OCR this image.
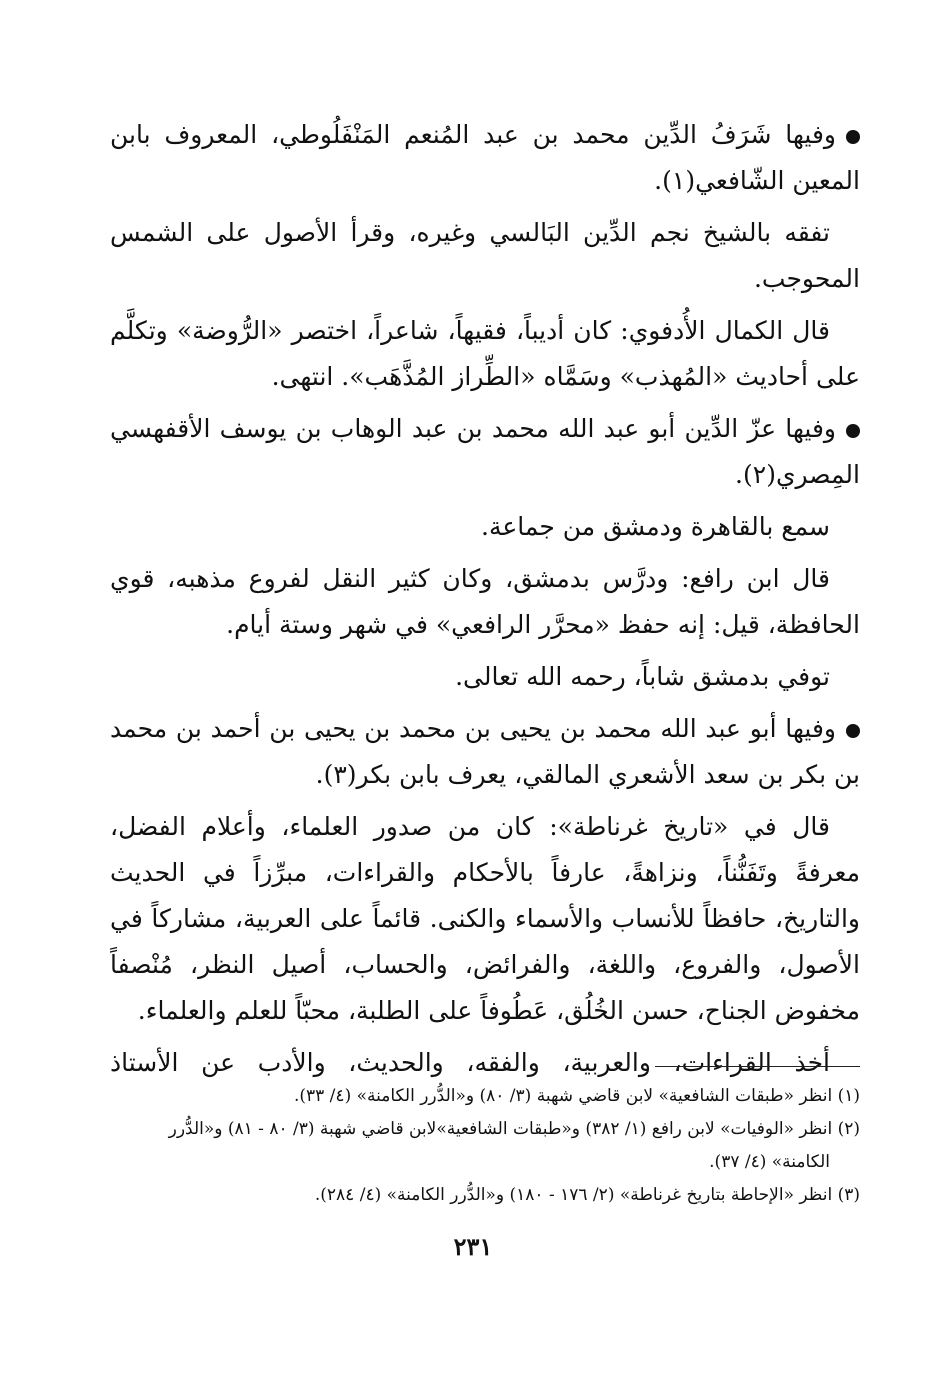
وفيها شَرَفُ الدِّين محمد بن عبد المُنعم المَنْفَلُوطي، المعروف بابن المعين الشّافعي(١).

تفقه بالشيخ نجم الدِّين البَالسي وغيره، وقرأ الأصول على الشمس المحوجب.

قال الكمال الأُدفوي: كان أديباً، فقيهاً، شاعراً، اختصر «الرُّوضة» وتكلَّم على أحاديث «المُهذب» وسَمَّاه «الطِّراز المُذَّهَب». انتهى.

وفيها عزّ الدِّين أبو عبد الله محمد بن عبد الوهاب بن يوسف الأقفهسي المِصري(٢).

سمع بالقاهرة ودمشق من جماعة.

قال ابن رافع: ودرَّس بدمشق، وكان كثير النقل لفروع مذهبه، قوي الحافظة، قيل: إنه حفظ «محرَّر الرافعي» في شهر وستة أيام.

توفي بدمشق شاباً، رحمه الله تعالى.

وفيها أبو عبد الله محمد بن يحيى بن محمد بن يحيى بن أحمد بن محمد بن بكر بن سعد الأشعري المالقي، يعرف بابن بكر(٣).

قال في «تاريخ غرناطة»: كان من صدور العلماء، وأعلام الفضل، معرفةً وتَفَنُّناً، ونزاهةً، عارفاً بالأحكام والقراءات، مبرِّزاً في الحديث والتاريخ، حافظاً للأنساب والأسماء والكنى. قائماً على العربية، مشاركاً في الأصول، والفروع، واللغة، والفرائض، والحساب، أصيل النظر، مُنْصفاً مخفوض الجناح، حسن الخُلُق، عَطُوفاً على الطلبة، محبّاً للعلم والعلماء.

أخذ القراءات، والعربية، والفقه، والحديث، والأدب عن الأستاذ

(١) انظر «طبقات الشافعية» لابن قاضي شهبة (٣/ ٨٠) و«الدُّرر الكامنة» (٤/ ٣٣).

(٢) انظر «الوفيات» لابن رافع (١/ ٣٨٢) و«طبقات الشافعية»لابن قاضي شهبة (٣/ ٨٠ - ٨١) و«الدُّرر

الكامنة» (٤/ ٣٧).

(٣) انظر «الإحاطة بتاريخ غرناطة» (٢/ ١٧٦ - ١٨٠) و«الدُّرر الكامنة» (٤/ ٢٨٤).

٢٣١
